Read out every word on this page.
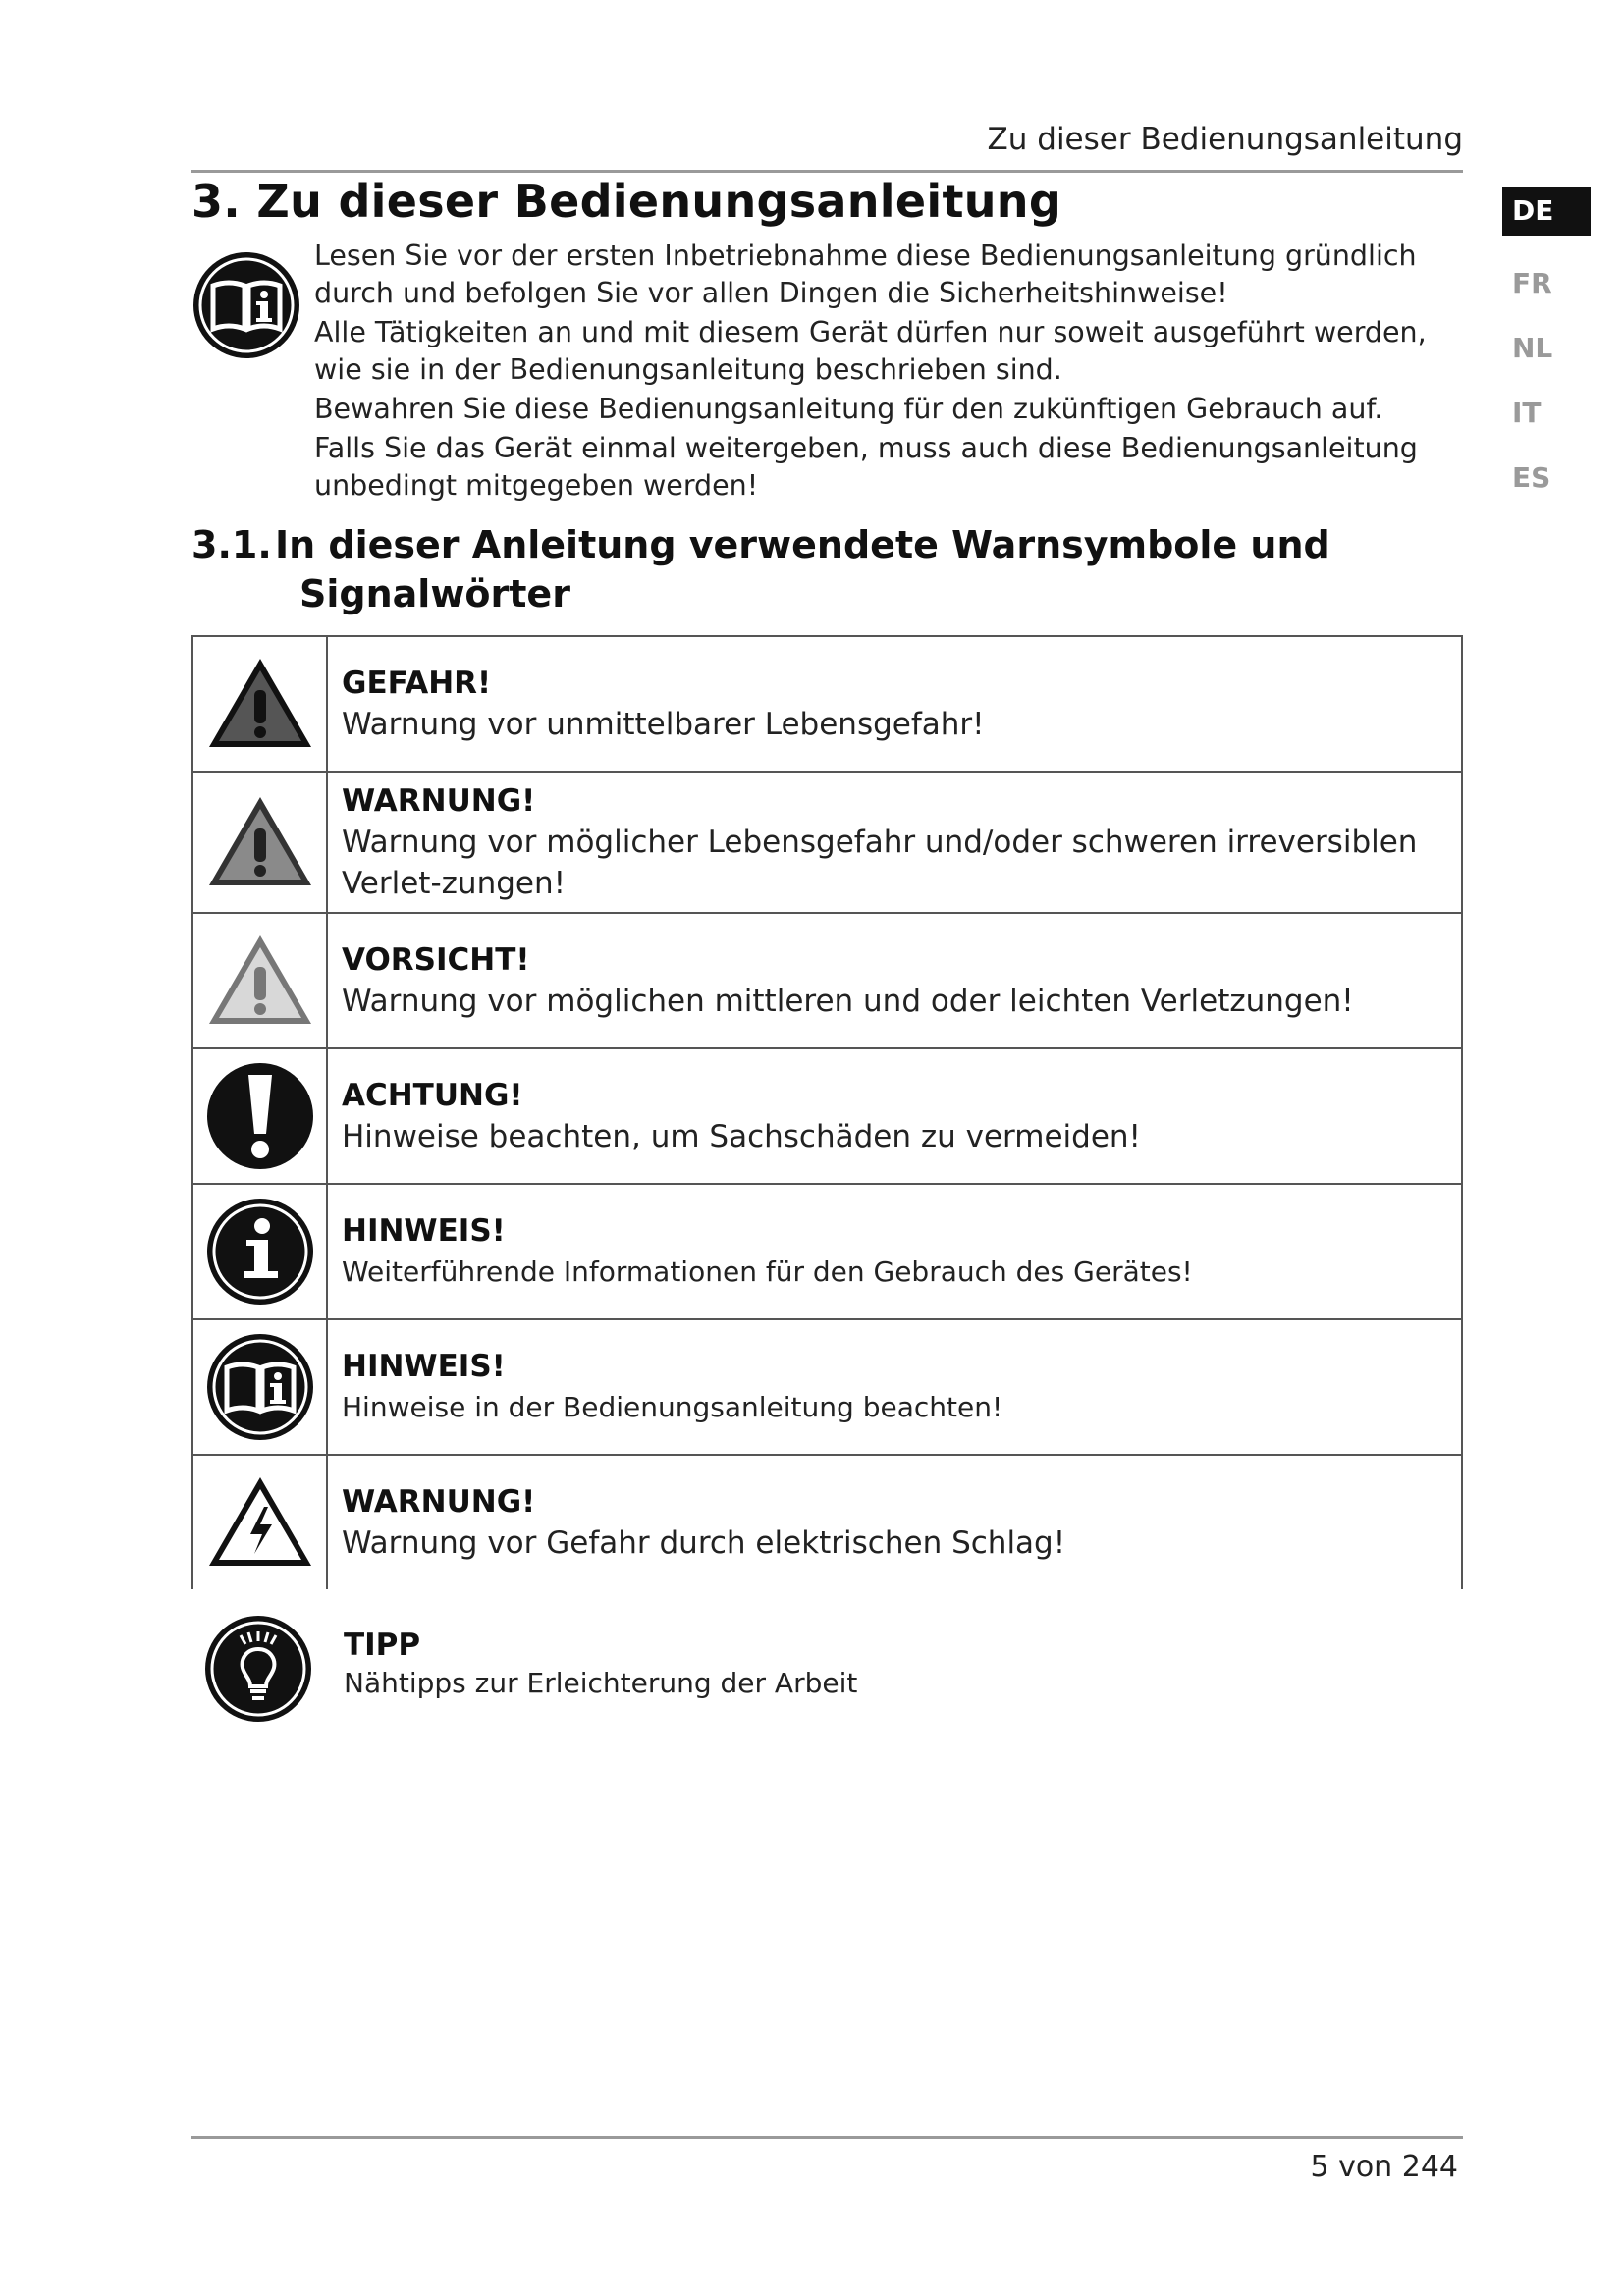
Zu dieser Bedienungsanleitung
DE
FR
NL
IT
ES
3. Zu dieser Bedienungsanleitung

Lesen Sie vor der ersten Inbetriebnahme diese Bedienungsanleitung gründlich durch und befolgen Sie vor allen Dingen die Sicherheitshinweise!

Alle Tätigkeiten an und mit diesem Gerät dürfen nur soweit ausgeführt werden, wie sie in der Bedienungsanleitung beschrieben sind.

Bewahren Sie diese Bedienungsanleitung für den zukünftigen Gebrauch auf.

Falls Sie das Gerät einmal weitergeben, muss auch diese Bedienungsanleitung unbedingt mitgegeben werden!

3.1.In dieser Anleitung verwendete Warnsymbole und
Signalwörter

GEFAHR!
Warnung vor unmittelbarer Lebensgefahr!

WARNUNG!
Warnung vor möglicher Lebensgefahr und/oder schweren irreversiblen Verlet-zungen!

VORSICHT!
Warnung vor möglichen mittleren und oder leichten Verletzungen!

ACHTUNG!
Hinweise beachten, um Sachschäden zu vermeiden!

HINWEIS!
Weiterführende Informationen für den Gebrauch des Gerätes!

HINWEIS!
Hinweise in der Bedienungsanleitung beachten!

WARNUNG!
Warnung vor Gefahr durch elektrischen Schlag!
TIPP
Nähtipps zur Erleichterung der Arbeit
5 von 244
